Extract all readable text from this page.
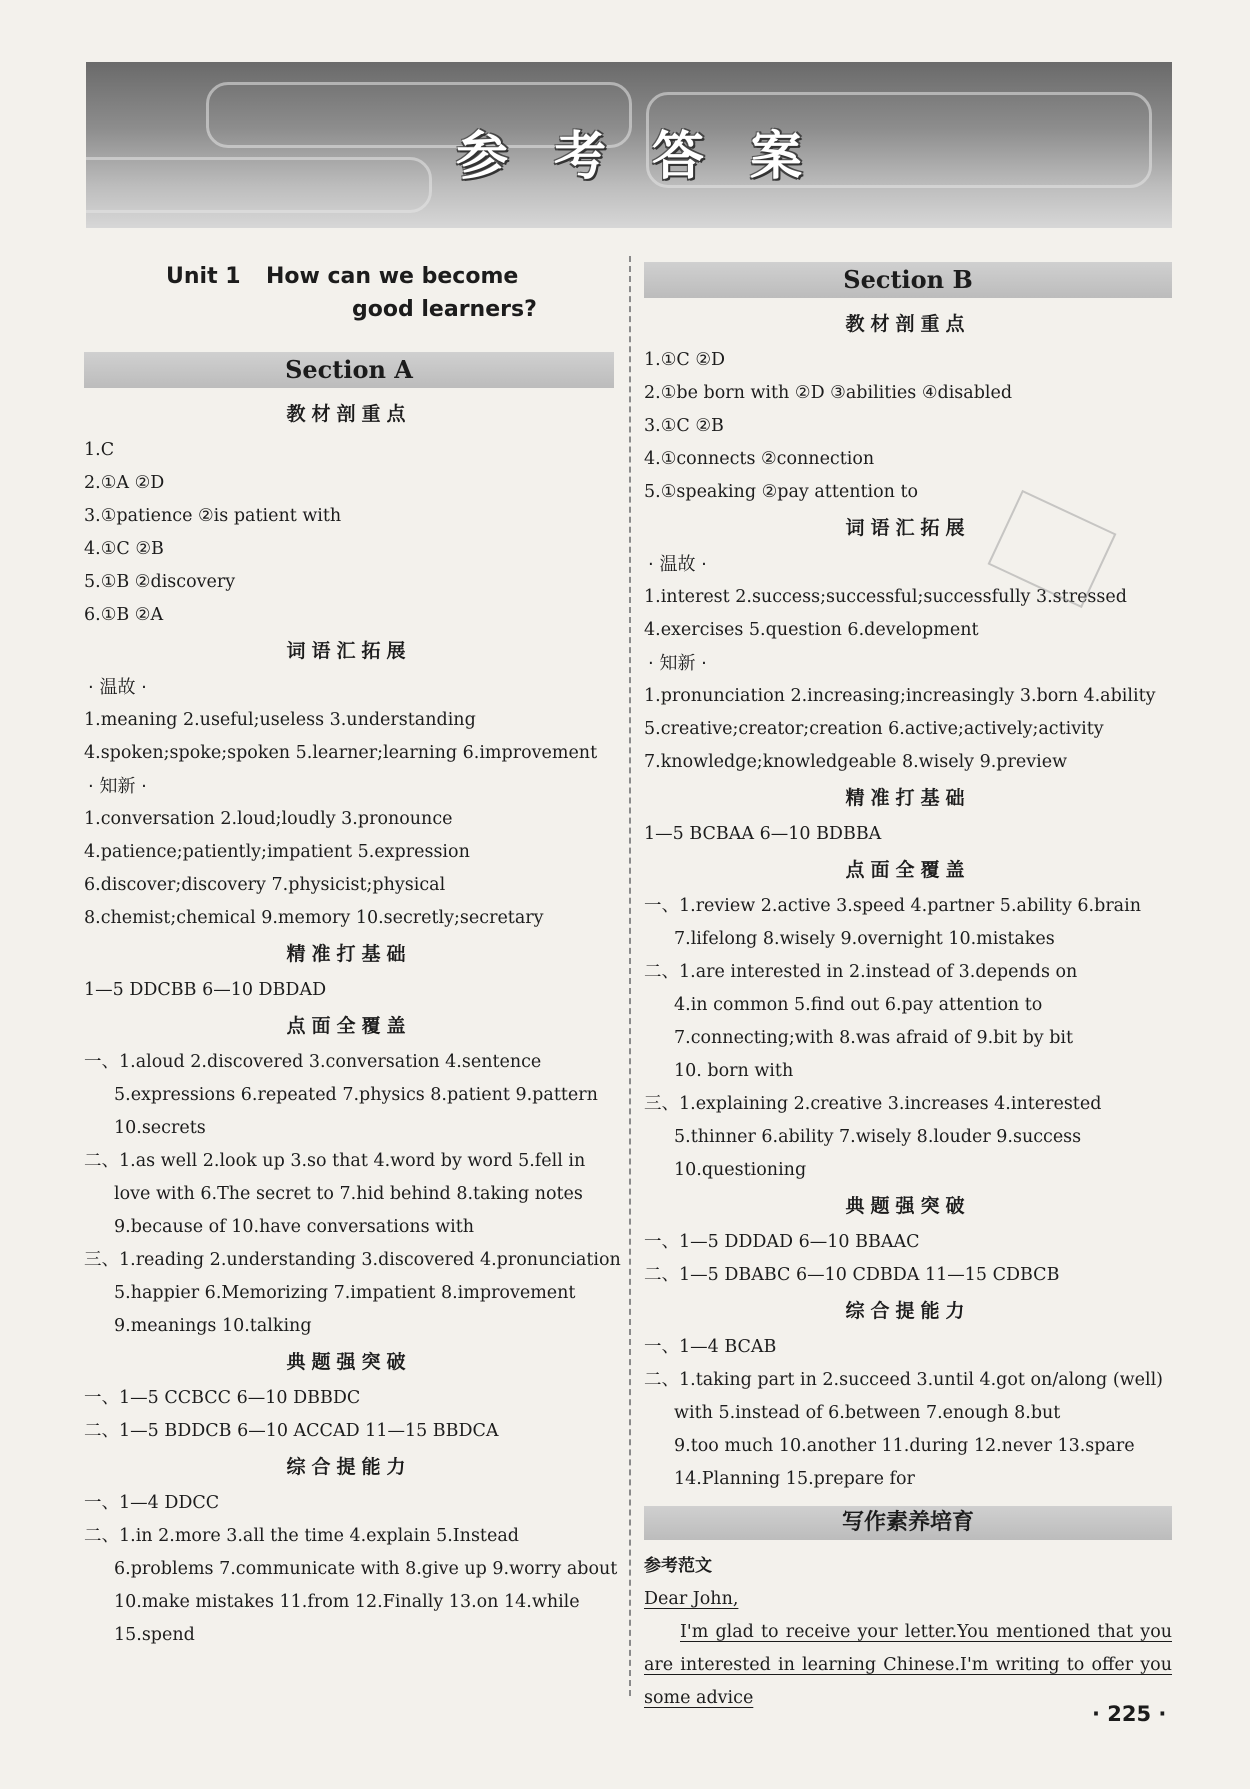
参考答案
Unit 1 How can we become
good learners?
Section A
教材剖重点
1.C
2.①A ②D
3.①patience ②is patient with
4.①C ②B
5.①B ②discovery
6.①B ②A
词语汇拓展
· 温故 ·
1.meaning 2.useful;useless 3.understanding
4.spoken;spoke;spoken 5.learner;learning 6.improvement
· 知新 ·
1.conversation 2.loud;loudly 3.pronounce
4.patience;patiently;impatient 5.expression
6.discover;discovery 7.physicist;physical
8.chemist;chemical 9.memory 10.secretly;secretary
精准打基础
1—5 DDCBB 6—10 DBDAD
点面全覆盖
一、1.aloud 2.discovered 3.conversation 4.sentence
5.expressions 6.repeated 7.physics 8.patient 9.pattern
10.secrets
二、1.as well 2.look up 3.so that 4.word by word 5.fell in
love with 6.The secret to 7.hid behind 8.taking notes
9.because of 10.have conversations with
三、1.reading 2.understanding 3.discovered 4.pronunciation
5.happier 6.Memorizing 7.impatient 8.improvement
9.meanings 10.talking
典题强突破
一、1—5 CCBCC 6—10 DBBDC
二、1—5 BDDCB 6—10 ACCAD 11—15 BBDCA
综合提能力
一、1—4 DDCC
二、1.in 2.more 3.all the time 4.explain 5.Instead
6.problems 7.communicate with 8.give up 9.worry about
10.make mistakes 11.from 12.Finally 13.on 14.while
15.spend
Section B
教材剖重点
1.①C ②D
2.①be born with ②D ③abilities ④disabled
3.①C ②B
4.①connects ②connection
5.①speaking ②pay attention to
词语汇拓展
· 温故 ·
1.interest 2.success;successful;successfully 3.stressed
4.exercises 5.question 6.development
· 知新 ·
1.pronunciation 2.increasing;increasingly 3.born 4.ability
5.creative;creator;creation 6.active;actively;activity
7.knowledge;knowledgeable 8.wisely 9.preview
精准打基础
1—5 BCBAA 6—10 BDBBA
点面全覆盖
一、1.review 2.active 3.speed 4.partner 5.ability 6.brain
7.lifelong 8.wisely 9.overnight 10.mistakes
二、1.are interested in 2.instead of 3.depends on
4.in common 5.find out 6.pay attention to
7.connecting;with 8.was afraid of 9.bit by bit
10. born with
三、1.explaining 2.creative 3.increases 4.interested
5.thinner 6.ability 7.wisely 8.louder 9.success
10.questioning
典题强突破
一、1—5 DDDAD 6—10 BBAAC
二、1—5 DBABC 6—10 CDBDA 11—15 CDBCB
综合提能力
一、1—4 BCAB
二、1.taking part in 2.succeed 3.until 4.got on/along (well)
with 5.instead of 6.between 7.enough 8.but
9.too much 10.another 11.during 12.never 13.spare
14.Planning 15.prepare for
写作素养培育
参考范文
Dear John,
I'm glad to receive your letter.You mentioned that you are interested in learning Chinese.I'm writing to offer you some advice
· 225 ·
